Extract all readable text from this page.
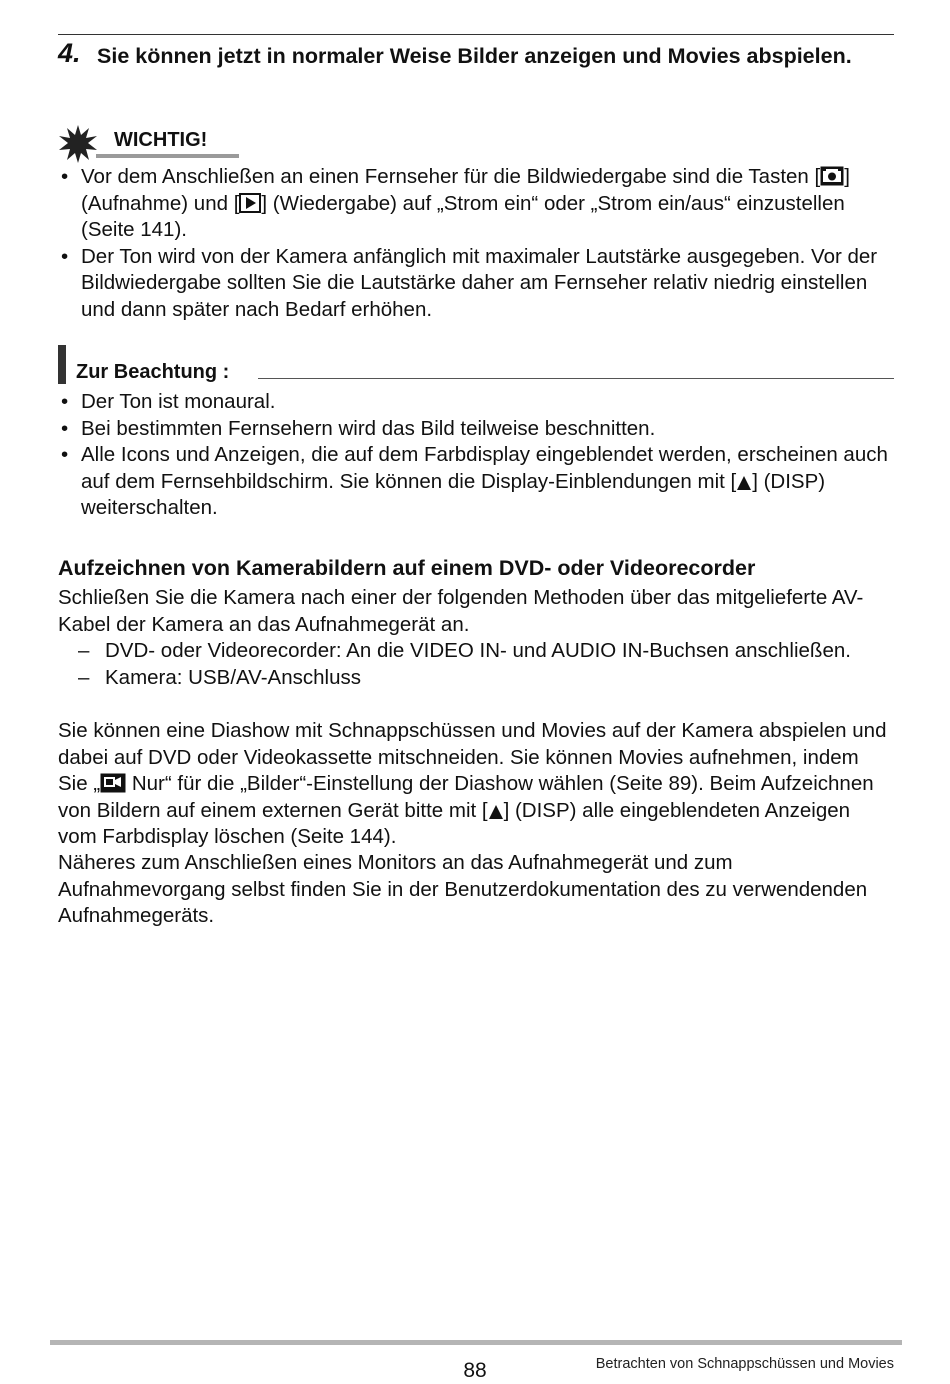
4. Sie können jetzt in normaler Weise Bilder anzeigen und Movies abspielen.
WICHTIG!
• Vor dem Anschließen an einen Fernseher für die Bildwiedergabe sind die Tasten [ ] (Aufnahme) und [ ] (Wiedergabe) auf „Strom ein“ oder „Strom ein/aus“ einzustellen (Seite 141).
• Der Ton wird von der Kamera anfänglich mit maximaler Lautstärke ausgegeben. Vor der Bildwiedergabe sollten Sie die Lautstärke daher am Fernseher relativ niedrig einstellen und dann später nach Bedarf erhöhen.
Zur Beachtung :
• Der Ton ist monaural.
• Bei bestimmten Fernsehern wird das Bild teilweise beschnitten.
• Alle Icons und Anzeigen, die auf dem Farbdisplay eingeblendet werden, erscheinen auch auf dem Fernsehbildschirm. Sie können die Display-Einblendungen mit [ ] (DISP) weiterschalten.
Aufzeichnen von Kamerabildern auf einem DVD- oder Videorecorder
Schließen Sie die Kamera nach einer der folgenden Methoden über das mitgelieferte AV-Kabel der Kamera an das Aufnahmegerät an.
– DVD- oder Videorecorder: An die VIDEO IN- und AUDIO IN-Buchsen anschließen.
– Kamera: USB/AV-Anschluss
Sie können eine Diashow mit Schnappschüssen und Movies auf der Kamera abspielen und dabei auf DVD oder Videokassette mitschneiden. Sie können Movies aufnehmen, indem Sie „ Nur“ für die „Bilder“-Einstellung der Diashow wählen (Seite 89). Beim Aufzeichnen von Bildern auf einem externen Gerät bitte mit [ ] (DISP) alle eingeblendeten Anzeigen vom Farbdisplay löschen (Seite 144).
Näheres zum Anschließen eines Monitors an das Aufnahmegerät und zum Aufnahmevorgang selbst finden Sie in der Benutzerdokumentation des zu verwendenden Aufnahmegeräts.
88	Betrachten von Schnappschüssen und Movies
